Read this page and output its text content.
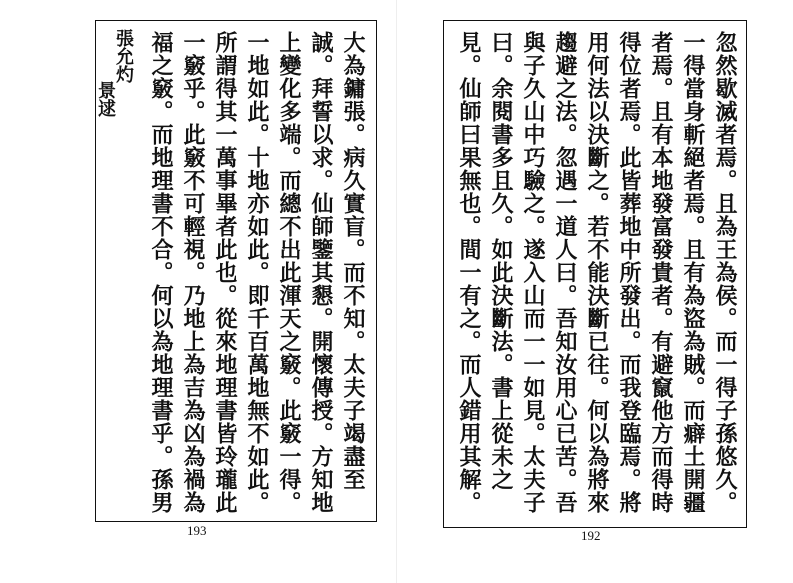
大為鏞張。病久實盲。而不知。太夫子竭盡至
誠。拜誓以求。仙師鑒其懇。開懷傳授。方知地
上變化多端。而總不出此渾天之竅。此竅一得。
一地如此。十地亦如此。即千百萬地無不如此。
所謂得其一萬事畢者此也。從來地理書皆玲瓏此
一竅乎。此竅不可輕視。乃地上為吉為凶為禍為
福之竅。而地理書不合。何以為地理書乎。孫男
張允灼
景逑
193
忽然歇滅者焉。且為王為侯。而一得子孫悠久。
一得當身斬絕者焉。且有為盜為賊。而癖土開疆
者焉。且有本地發富發貴者。有避竄他方而得時
得位者焉。此皆葬地中所發出。而我登臨焉。將
用何法以決斷之。若不能決斷已往。何以為將來
趨避之法。忽遇一道人曰。吾知汝用心已苦。吾
與子久山中巧驗之。遂入山而一一如見。太夫子
曰。余閱書多且久。如此決斷法。書上從未之
見。仙師曰果無也。間一有之。而人錯用其解。
192
